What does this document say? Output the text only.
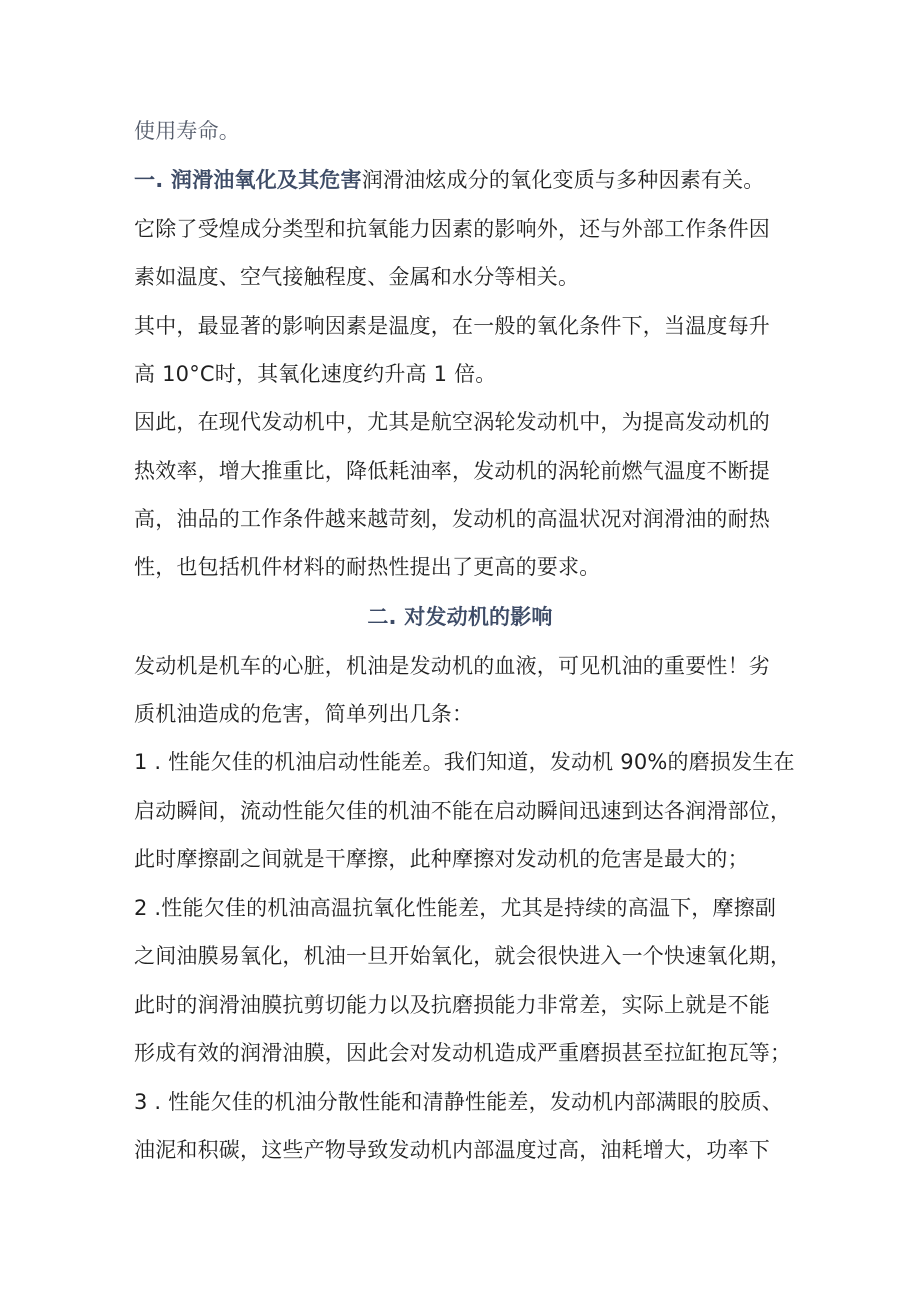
使用寿命。
一. 润滑油氧化及其危害润滑油炫成分的氧化变质与多种因素有关。
它除了受煌成分类型和抗氧能力因素的影响外，还与外部工作条件因
素如温度、空气接触程度、金属和水分等相关。
其中，最显著的影响因素是温度，在一般的氧化条件下，当温度每升
高 10°C时，其氧化速度约升高 1 倍。
因此，在现代发动机中，尤其是航空涡轮发动机中，为提高发动机的
热效率，增大推重比，降低耗油率，发动机的涡轮前燃气温度不断提
高，油品的工作条件越来越苛刻，发动机的高温状况对润滑油的耐热
性，也包括机件材料的耐热性提出了更高的要求。
二. 对发动机的影响
发动机是机车的心脏，机油是发动机的血液，可见机油的重要性！劣
质机油造成的危害，简单列出几条：
1 . 性能欠佳的机油启动性能差。我们知道，发动机 90%的磨损发生在
启动瞬间，流动性能欠佳的机油不能在启动瞬间迅速到达各润滑部位，
此时摩擦副之间就是干摩擦，此种摩擦对发动机的危害是最大的；
2 .性能欠佳的机油高温抗氧化性能差，尤其是持续的高温下，摩擦副
之间油膜易氧化，机油一旦开始氧化，就会很快进入一个快速氧化期，
此时的润滑油膜抗剪切能力以及抗磨损能力非常差，实际上就是不能
形成有效的润滑油膜，因此会对发动机造成严重磨损甚至拉缸抱瓦等；
3 . 性能欠佳的机油分散性能和清静性能差，发动机内部满眼的胶质、
油泥和积碳，这些产物导致发动机内部温度过高，油耗增大，功率下
